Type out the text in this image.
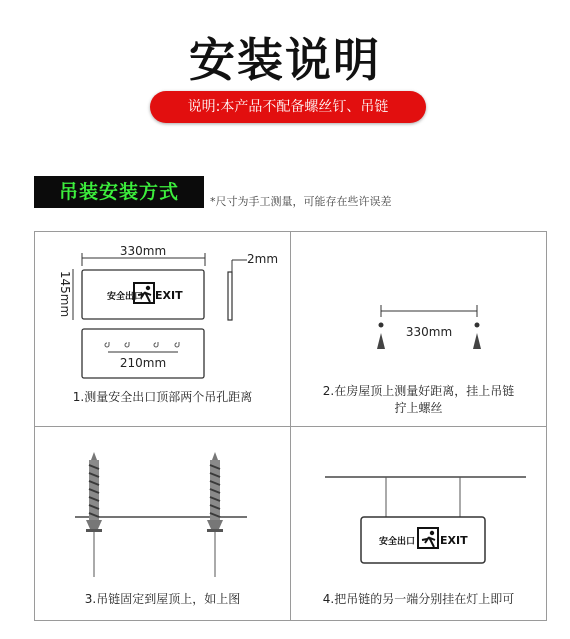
安装说明
说明:本产品不配备螺丝钉、吊链
吊装安装方式	*尺寸为手工测量，可能存在些许误差
330mm
145mm	安全出口 EXIT
2mm
210mm
1.测量安全出口顶部两个吊孔距离
330mm
2.在房屋顶上测量好距离，挂上吊链
拧上螺丝
3.吊链固定到屋顶上，如上图
安全出口 EXIT
4.把吊链的另一端分别挂在灯上即可
